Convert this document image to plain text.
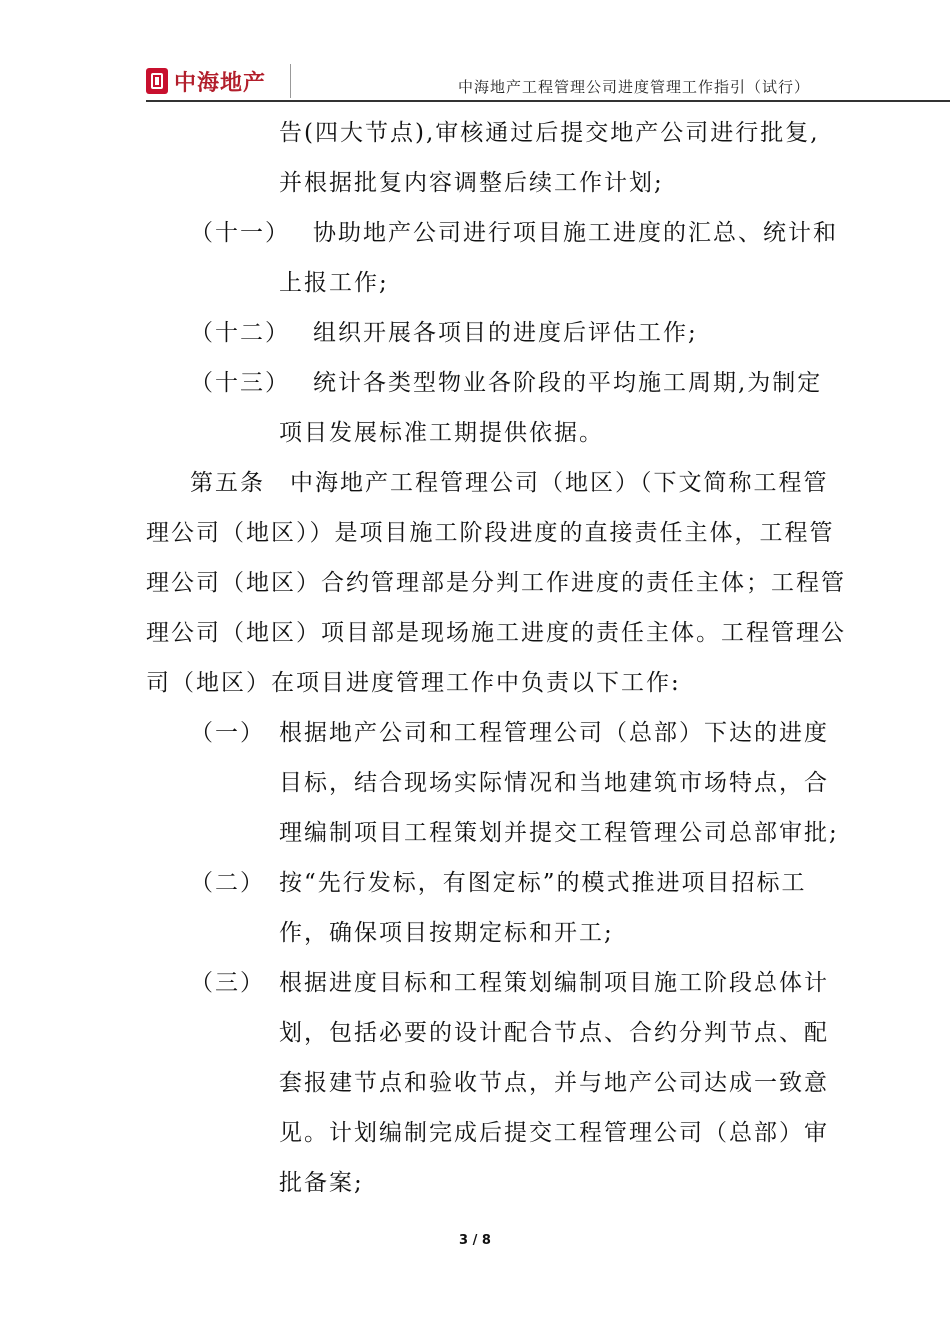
中海地产	中海地产工程管理公司进度管理工作指引（试行）
告(四大节点),审核通过后提交地产公司进行批复,
并根据批复内容调整后续工作计划;
（十一） 协助地产公司进行项目施工进度的汇总、统计和
上报工作;
（十二） 组织开展各项目的进度后评估工作;
（十三） 统计各类型物业各阶段的平均施工周期,为制定
项目发展标准工期提供依据。
第五条　中海地产工程管理公司（地区）（下文简称工程管
理公司（地区））是项目施工阶段进度的直接责任主体，工程管
理公司（地区）合约管理部是分判工作进度的责任主体；工程管
理公司（地区）项目部是现场施工进度的责任主体。工程管理公
司（地区）在项目进度管理工作中负责以下工作:
（一） 根据地产公司和工程管理公司（总部）下达的进度
目标，结合现场实际情况和当地建筑市场特点，合
理编制项目工程策划并提交工程管理公司总部审批;
（二） 按“先行发标，有图定标”的模式推进项目招标工
作，确保项目按期定标和开工;
（三） 根据进度目标和工程策划编制项目施工阶段总体计
划，包括必要的设计配合节点、合约分判节点、配
套报建节点和验收节点，并与地产公司达成一致意
见。计划编制完成后提交工程管理公司（总部）审
批备案;
3 / 8
